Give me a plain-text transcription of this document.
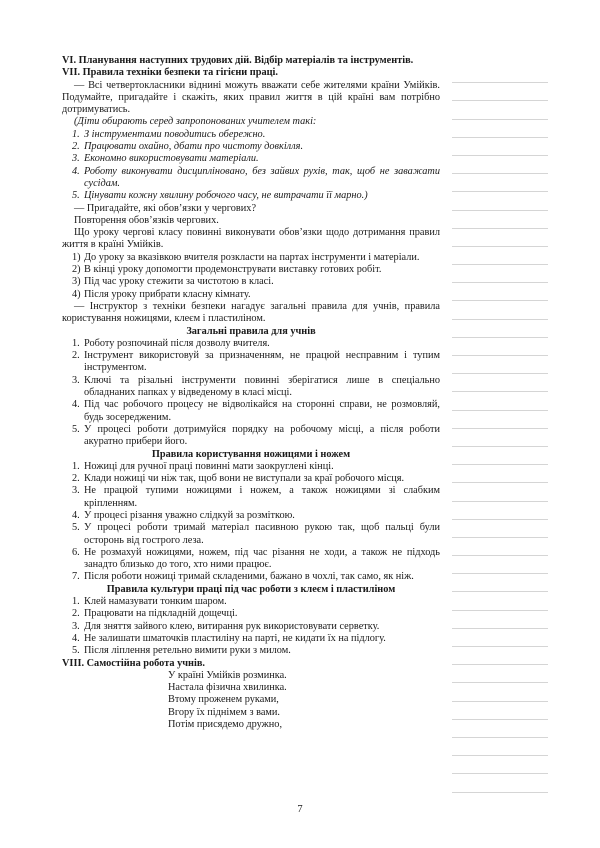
VI. Планування наступних трудових дій. Відбір матеріалів та інструментів.

VII. Правила техніки безпеки та гігієни праці.

— Всі четвертокласники віднині можуть вважати себе жителями країни Умійків. Подумайте, пригадайте і скажіть, яких правил життя в цій країні вам потрібно дотримуватись.

(Діти обирають серед запропонованих учителем такі:

1. З інструментами поводитись обережно.
2. Працювати охайно, дбати про чистоту довкілля.
3. Економно використовувати матеріали.
4. Роботу виконувати дисципліновано, без зайвих рухів, так, щоб не заважати сусідам.
5. Цінувати кожну хвилину робочого часу, не витрачати її марно.)

— Пригадайте, які обов’язки у чергових?

Повторення обов’язків чергових.

Що уроку чергові класу повинні виконувати обов’язки щодо дотримання правил життя в країні Умійків.

1) До уроку за вказівкою вчителя розкласти на партах інструменти і матеріали.
2) В кінці уроку допомогти продемонструвати виставку готових робіт.
3) Під час уроку стежити за чистотою в класі.
4) Після уроку прибрати класну кімнату.

— Інструктор з техніки безпеки нагадує загальні правила для учнів, правила користування ножицями, клеєм і пластиліном.

Загальні правила для учнів

1. Роботу розпочинай після дозволу вчителя.
2. Інструмент використовуй за призначенням, не працюй несправним і тупим інструментом.
3. Ключі та різальні інструменти повинні зберігатися лише в спеціально обладнаних папках у відведеному в класі місці.
4. Під час робочого процесу не відволікайся на сторонні справи, не розмовляй, будь зосередженим.
5. У процесі роботи дотримуйся порядку на робочому місці, а після роботи акуратно прибери його.

Правила користування ножицями і ножем

1. Ножиці для ручної праці повинні мати заокруглені кінці.
2. Клади ножиці чи ніж так, щоб вони не виступали за краї робочого місця.
3. Не працюй тупими ножицями і ножем, а також ножицями зі слабким кріпленням.
4. У процесі різання уважно слідкуй за розміткою.
5. У процесі роботи тримай матеріал пасивною рукою так, щоб пальці були осторонь від гострого леза.
6. Не розмахуй ножицями, ножем, під час різання не ходи, а також не підходь занадто близько до того, хто ними працює.
7. Після роботи ножиці тримай складеними, бажано в чохлі, так само, як ніж.

Правила культури праці під час роботи з клеєм і пластиліном

1. Клей намазувати тонким шаром.
2. Працювати на підкладній дощечці.
3. Для зняття зайвого клею, витирання рук використовувати серветку.
4. Не залишати шматочків пластиліну на парті, не кидати їх на підлогу.
5. Після ліплення ретельно вимити руки з милом.

VIII. Самостійна робота учнів.

У країні Умійків розминка.

Настала фізична хвилинка.

Втому проженем руками,

Вгору їх піднімем з вами.

Потім присядемо дружно,

7
